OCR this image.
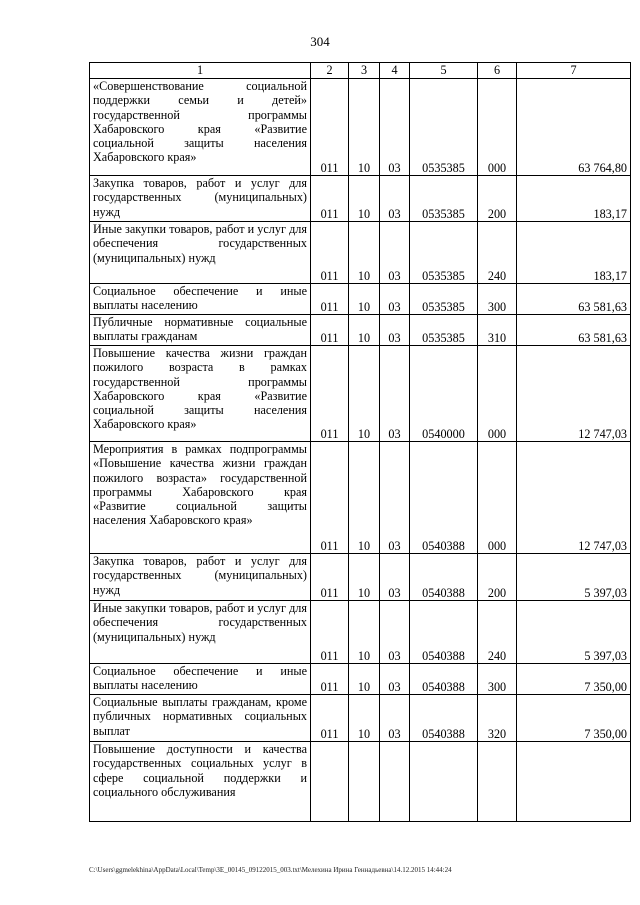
304
1	2	3	4	5	6	7

«Совершенствование социальной поддержки семьи и детей» государственной программы Хабаровского края «Развитие социальной защиты населения Хабаровского края»	011	10	03	0535385	000	63 764,80

Закупка товаров, работ и услуг для государственных (муниципальных) нужд	011	10	03	0535385	200	183,17

Иные закупки товаров, работ и услуг для обеспечения государственных (муниципальных) нужд	011	10	03	0535385	240	183,17

Социальное обеспечение и иные выплаты населению	011	10	03	0535385	300	63 581,63

Публичные нормативные социальные выплаты гражданам	011	10	03	0535385	310	63 581,63

Повышение качества жизни граждан пожилого возраста в рамках государственной программы Хабаровского края «Развитие социальной защиты населения Хабаровского края»	011	10	03	0540000	000	12 747,03

Мероприятия в рамках подпрограммы «Повышение качества жизни граждан пожилого возраста» государственной программы Хабаровского края «Развитие социальной защиты населения Хабаровского края»	011	10	03	0540388	000	12 747,03

Закупка товаров, работ и услуг для государственных (муниципальных) нужд	011	10	03	0540388	200	5 397,03

Иные закупки товаров, работ и услуг для обеспечения государственных (муниципальных) нужд	011	10	03	0540388	240	5 397,03

Социальное обеспечение и иные выплаты населению	011	10	03	0540388	300	7 350,00

Социальные выплаты гражданам, кроме публичных нормативных социальных выплат	011	10	03	0540388	320	7 350,00

Повышение доступности и качества государственных социальных услуг в сфере социальной поддержки и социального обслуживания						

C:\Users\ggmelekhina\AppData\Local\Temp\3E_00145_09122015_003.txt\Мелехина Ирина Геннадьевна\14.12.2015 14:44:24
